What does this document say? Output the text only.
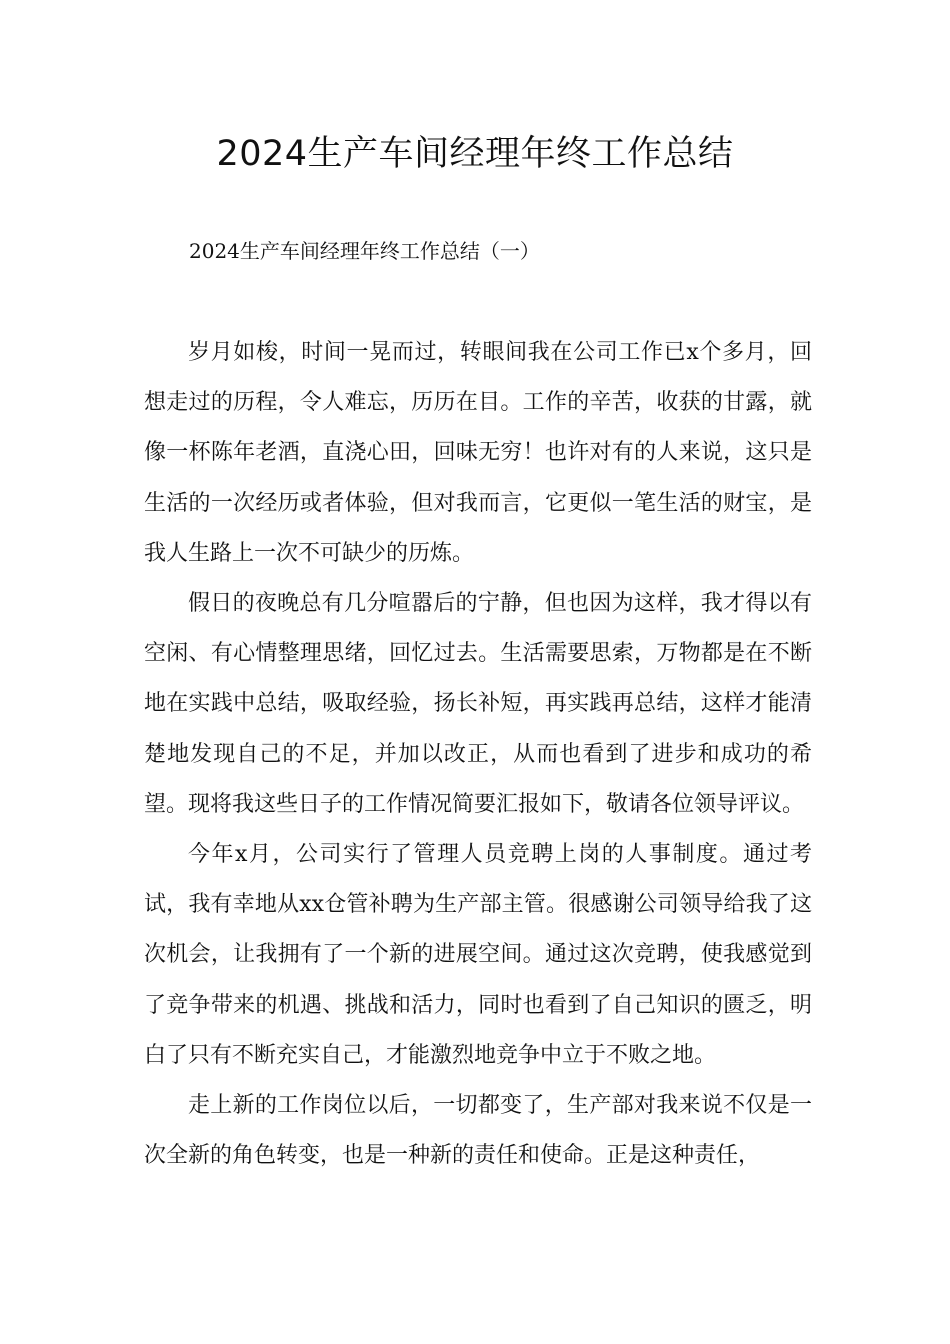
2024生产车间经理年终工作总结

2024生产车间经理年终工作总结（一）

岁月如梭，时间一晃而过，转眼间我在公司工作已x个多月，回想走过的历程，令人难忘，历历在目。工作的辛苦，收获的甘露，就像一杯陈年老酒，直浇心田，回味无穷！也许对有的人来说，这只是生活的一次经历或者体验，但对我而言，它更似一笔生活的财宝，是我人生路上一次不可缺少的历炼。

假日的夜晚总有几分喧嚣后的宁静，但也因为这样，我才得以有空闲、有心情整理思绪，回忆过去。生活需要思索，万物都是在不断地在实践中总结，吸取经验，扬长补短，再实践再总结，这样才能清楚地发现自己的不足，并加以改正，从而也看到了进步和成功的希望。现将我这些日子的工作情况简要汇报如下，敬请各位领导评议。

今年x月，公司实行了管理人员竞聘上岗的人事制度。通过考试，我有幸地从xx仓管补聘为生产部主管。很感谢公司领导给我了这次机会，让我拥有了一个新的进展空间。通过这次竞聘，使我感觉到了竞争带来的机遇、挑战和活力，同时也看到了自己知识的匮乏，明白了只有不断充实自己，才能激烈地竞争中立于不败之地。

走上新的工作岗位以后，一切都变了，生产部对我来说不仅是一次全新的角色转变，也是一种新的责任和使命。正是这种责任，
